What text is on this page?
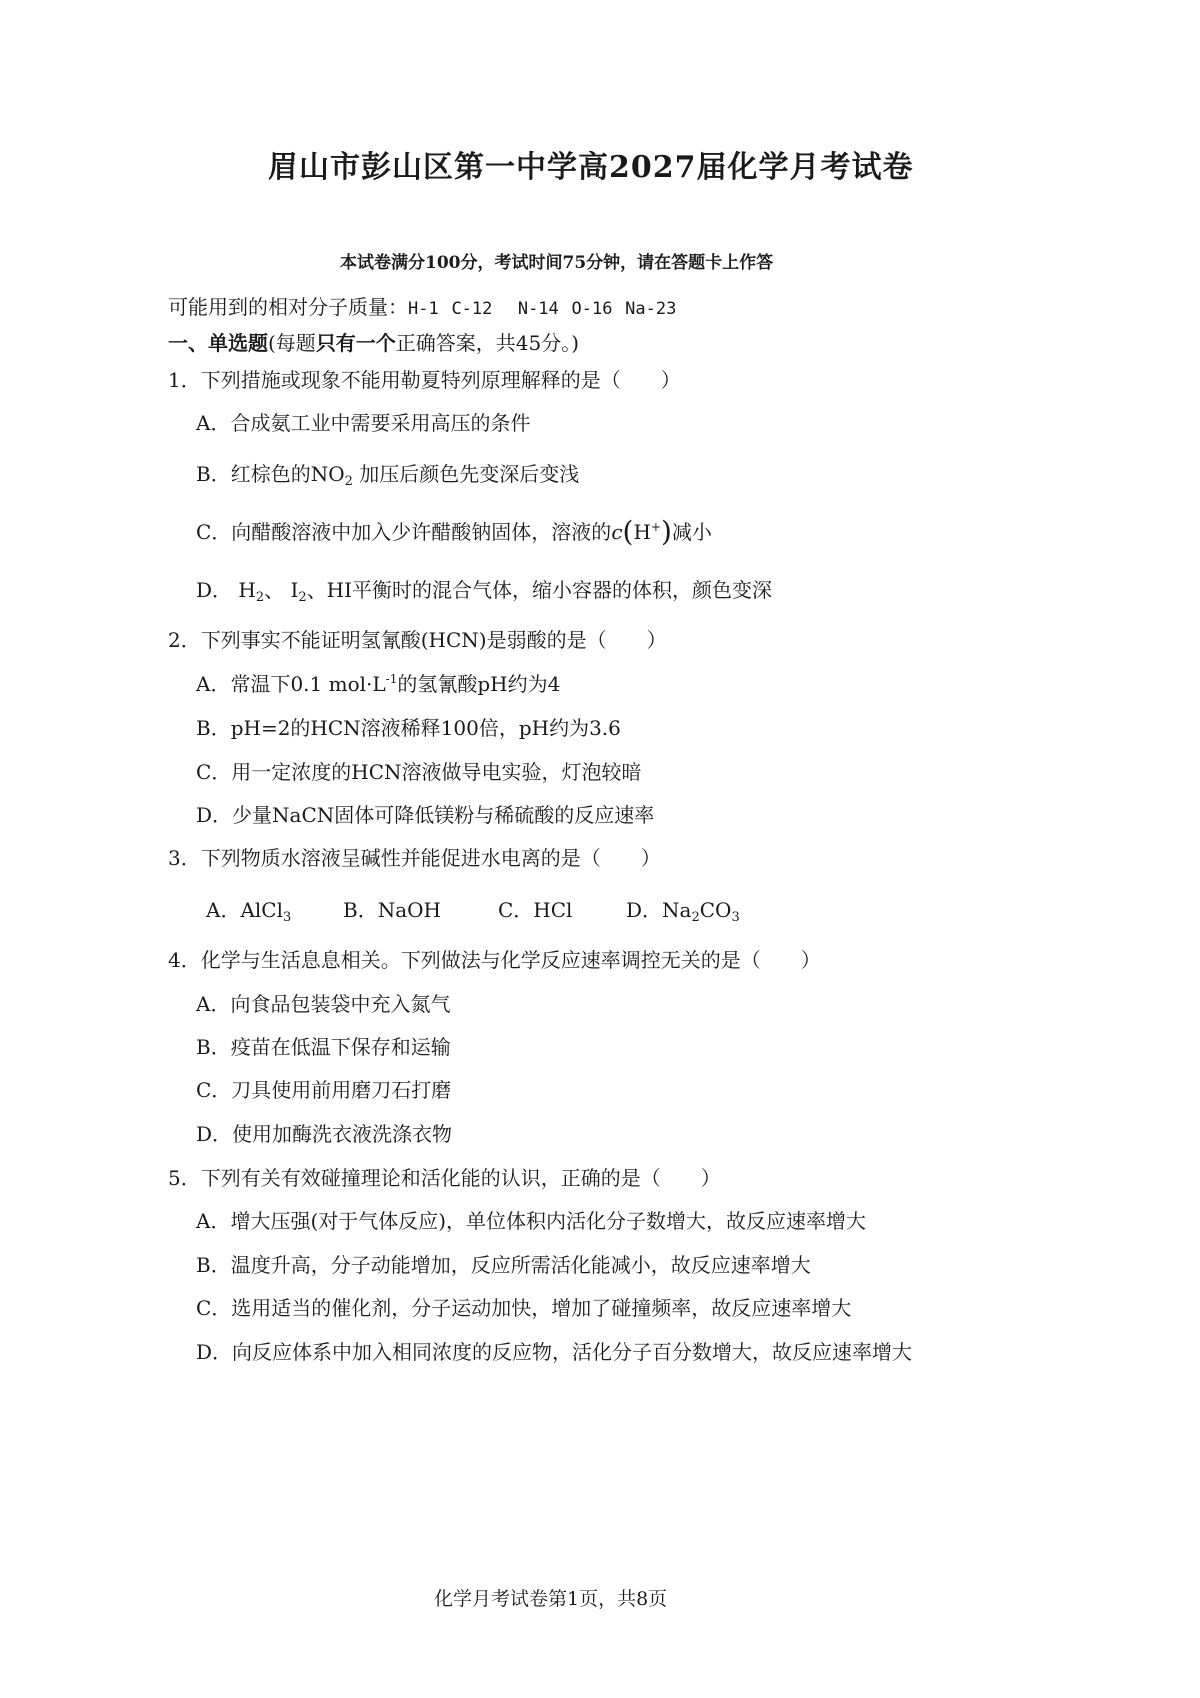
眉山市彭山区第一中学高2027届化学月考试卷
本试卷满分100分，考试时间75分钟，请在答题卡上作答
可能用到的相对分子质量：H-1 C-12 N-14 O-16 Na-23
一、单选题(每题只有一个正确答案，共45分。)
1．下列措施或现象不能用勒夏特列原理解释的是（　　）
A．合成氨工业中需要采用高压的条件
B．红棕色的$NO_2$ 加压后颜色先变深后变浅
C．向醋酸溶液中加入少许醋酸钠固体，溶液的c(H+)减小
D． $H_2$、 $I_2$、HI平衡时的混合气体，缩小容器的体积，颜色变深
2．下列事实不能证明氢氰酸(HCN)是弱酸的是（　　）
A．常温下0.1 $mol\cdot L^{-1}$的氢氰酸pH约为4
B．pH=2的HCN溶液稀释100倍，pH约为3.6
C．用一定浓度的HCN溶液做导电实验，灯泡较暗
D．少量NaCN固体可降低镁粉与稀硫酸的反应速率
3．下列物质水溶液呈碱性并能促进水电离的是（　　）
A．AlCl$_3$	B．NaOH	C．HCl	D．$Na_2CO_3$
4．化学与生活息息相关。下列做法与化学反应速率调控无关的是（　　）
A．向食品包装袋中充入氮气
B．疫苗在低温下保存和运输
C．刀具使用前用磨刀石打磨
D．使用加酶洗衣液洗涤衣物
5．下列有关有效碰撞理论和活化能的认识，正确的是（　　）
A．增大压强(对于气体反应)，单位体积内活化分子数增大，故反应速率增大
B．温度升高，分子动能增加，反应所需活化能减小，故反应速率增大
C．选用适当的催化剂，分子运动加快，增加了碰撞频率，故反应速率增大
D．向反应体系中加入相同浓度的反应物，活化分子百分数增大，故反应速率增大
化学月考试卷第1页，共8页
